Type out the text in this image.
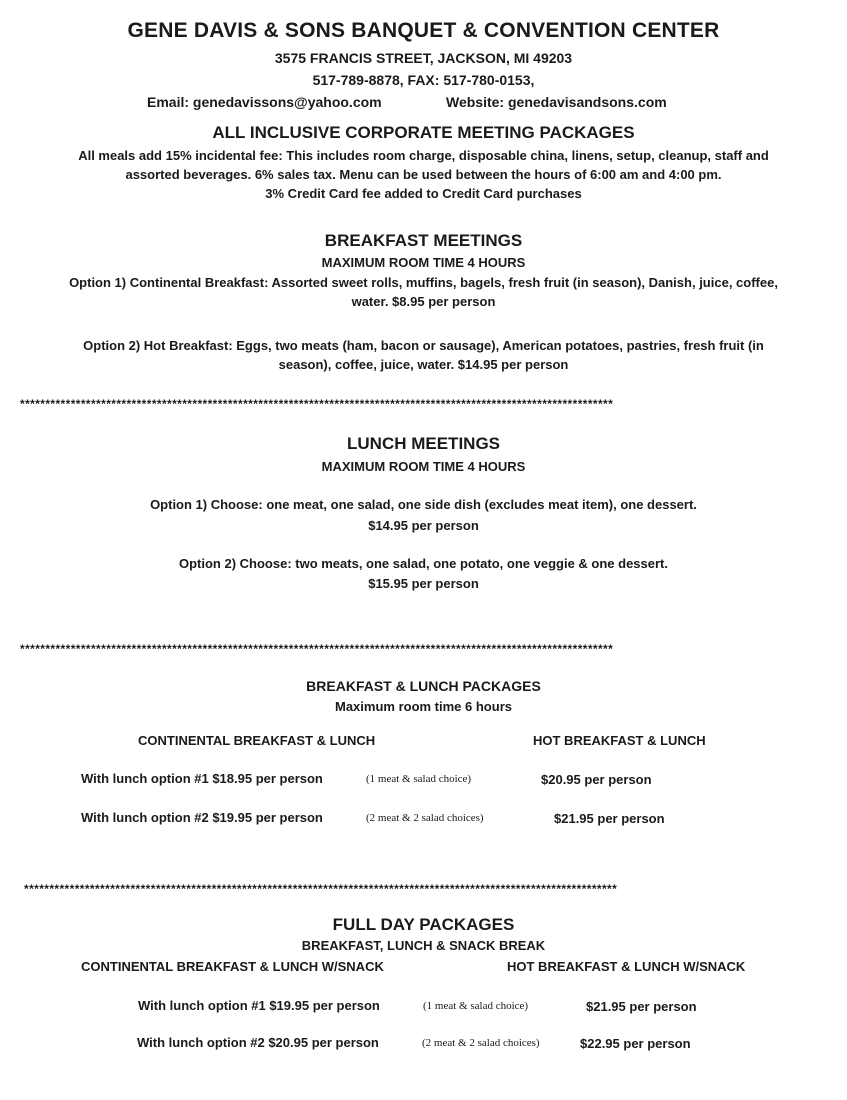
GENE DAVIS & SONS BANQUET & CONVENTION CENTER
3575 FRANCIS STREET, JACKSON, MI 49203
517-789-8878, FAX: 517-780-0153,
Email: genedavissons@yahoo.com	Website: genedavisandsons.com
ALL INCLUSIVE CORPORATE MEETING PACKAGES
All meals add 15% incidental fee: This includes room charge, disposable china, linens, setup, cleanup, staff and
assorted beverages. 6% sales tax. Menu can be used between the hours of 6:00 am and 4:00 pm.
3% Credit Card fee added to Credit Card purchases
BREAKFAST MEETINGS
MAXIMUM ROOM TIME 4 HOURS
Option 1) Continental Breakfast: Assorted sweet rolls, muffins, bagels, fresh fruit (in season), Danish, juice, coffee,
water. $8.95 per person
Option 2) Hot Breakfast: Eggs, two meats (ham, bacon or sausage), American potatoes, pastries, fresh fruit (in
season), coffee, juice, water. $14.95 per person
*********************************************************************************************************************
LUNCH MEETINGS
MAXIMUM ROOM TIME 4 HOURS
Option 1) Choose: one meat, one salad, one side dish (excludes meat item), one dessert.
$14.95 per person
Option 2) Choose: two meats, one salad, one potato, one veggie & one dessert.
$15.95 per person
*********************************************************************************************************************
BREAKFAST & LUNCH PACKAGES
Maximum room time 6 hours
CONTINENTAL BREAKFAST & LUNCH	HOT BREAKFAST & LUNCH
With lunch option #1 $18.95 per person	(1 meat & salad choice)	$20.95 per person
With lunch option #2 $19.95 per person	(2 meat & 2 salad choices)	$21.95 per person
*********************************************************************************************************************
FULL DAY PACKAGES
BREAKFAST, LUNCH & SNACK BREAK
CONTINENTAL BREAKFAST & LUNCH W/SNACK	HOT BREAKFAST & LUNCH W/SNACK
With lunch option #1 $19.95 per person	(1 meat & salad choice)	$21.95 per person
With lunch option #2 $20.95 per person	(2 meat & 2 salad choices)	$22.95 per person
